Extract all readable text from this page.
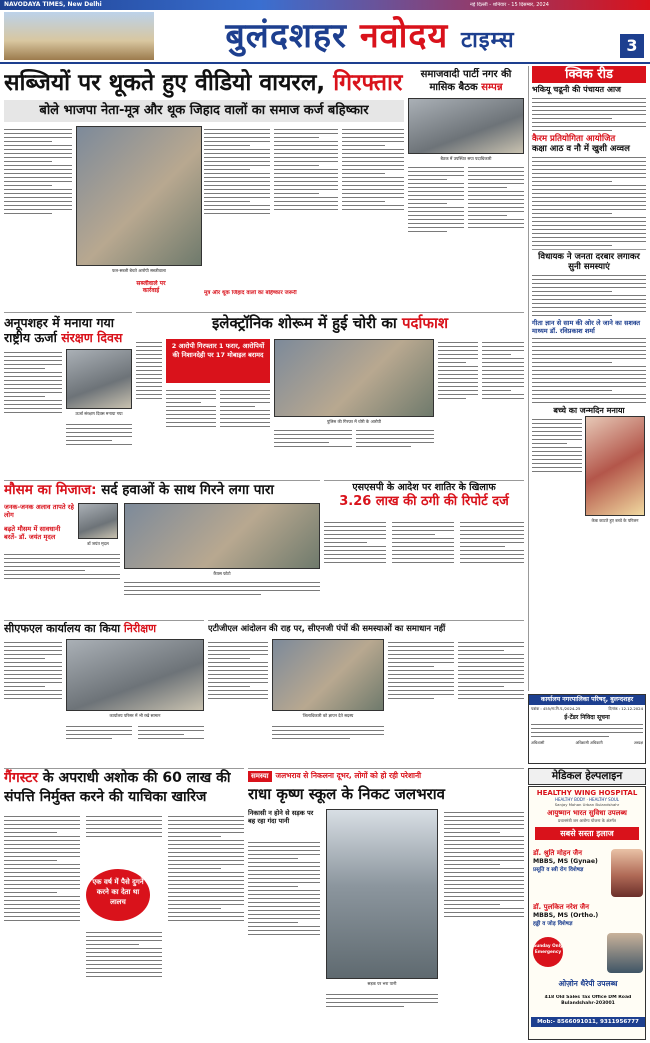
NAVODAYA TIMES, New Delhi	नई दिल्ली - शनिवार - 15 दिसम्बर, 2024
बुलंदशहर नवोदय टाइम्स	3
सब्जियों पर थूकते हुए वीडियो वायरल, गिरफ्तार
बोले भाजपा नेता-मूत्र और थूक जिहाद वालों का समाज कर्ज बहिष्कार
फल-सब्जी बेचते आरोपी सब्जीवाला
सब्जीवाले पर
कार्रवाई	मूत्र और थूक जिहाद वालों का बहिष्कार जरूरी
समाजवादी पार्टी नगर की
मासिक बैठक सम्पन्न
बैठक में उपस्थित सपा पदाधिकारी
क्विक रीड
भकियू चढूनी की पंचायत आज
कैरम प्रतियोगिता आयोजित
कक्षा आठ व नौ में खुशी अव्वल
विधायक ने जनता दरबार लगाकर सुनी समस्याएं
गीता ज्ञान से साम की ओर ले जाने का सशक्त माध्यम डॉ. रविप्रकाश शर्मा
बच्चे का जन्मदिन मनाया
केक काटते हुए बच्चे के परिजन
अनूपशहर में मनाया गया
राष्ट्रीय ऊर्जा संरक्षण दिवस
ऊर्जा संरक्षण दिवस मनाया गया
इलेक्ट्रॉनिक शोरूम में हुई चोरी का पर्दाफाश
2 आरोपी गिरफ्तार 1 फरार, आरोपियों की निशानदेही पर 17 मोबाइल बरामद
पुलिस की गिरफ्त में चोरी के आरोपी
मौसम का मिजाज: सर्द हवाओं के साथ गिरने लगा पारा
जनक-जनक अलाव तापते रहे लोग
बढ़ते मौसम में सावधानी बरतें- डॉ. जयंत मृदल
डॉ जयंत मृदल
कैंपस फोटो
एसएसपी के आदेश पर शातिर के खिलाफ
3.26 लाख की ठगी की रिपोर्ट दर्ज
सीएफएल कार्यालय का किया निरीक्षण
कार्यालय परिसर में भी रखे सामान
एटीजीएल आंदोलन की राह पर, सीएनजी पंपों की समस्याओं का समाधान नहीं
जिलाधिकारी को ज्ञापन देते सदस्य
कार्यालय नगरपालिका परिषद्, बुलन्दशहर
पत्रांक : 455/ना.नि.प./2024-25	दिनांक : 12.12.2024
ई-टेंडर निविदा सूचना
अधिशासी	अधिशासी अधिकारी	अध्यक्ष
गैंगस्टर के अपराधी अशोक की 60 लाख की संपत्ति निर्मुक्त करने की याचिका खारिज
एक वर्ष में पैसे दुगने करने का देता था लालच
समस्या जलभराव से निकलना दूभर, लोगों को हो रही परेशानी
राधा कृष्ण स्कूल के निकट जलभराव
निकासी न होने से सड़क पर बह रहा गंदा पानी
सड़क पर भरा पानी
मेडिकल हेल्पलाइन
HEALTHY WING HOSPITAL
HEALTHY BODY · HEALTHY SOUL
Sanjay Mohan Urban Bulandshahr
आयुष्मान भारत सुविधा उपलब्ध
प्रधानमंत्री जन आरोग्य योजना के अंतर्गत
सबसे सस्ता इलाज
डॉ. श्रुति मोहन जैन
MBBS, MS (Gynae)
प्रसूति व स्त्री रोग विशेषज्ञ
डॉ. पुलकित नरेश जैन
MBBS, MS (Ortho.)
हड्डी व जोड़ विशेषज्ञ
Sunday Only Emergency
ओज़ोन थैरेपी उपलब्ध
418 Old Sales Tax Office DM Road Bulandshahr-203001
Mob:- 8566091011, 9311956777
